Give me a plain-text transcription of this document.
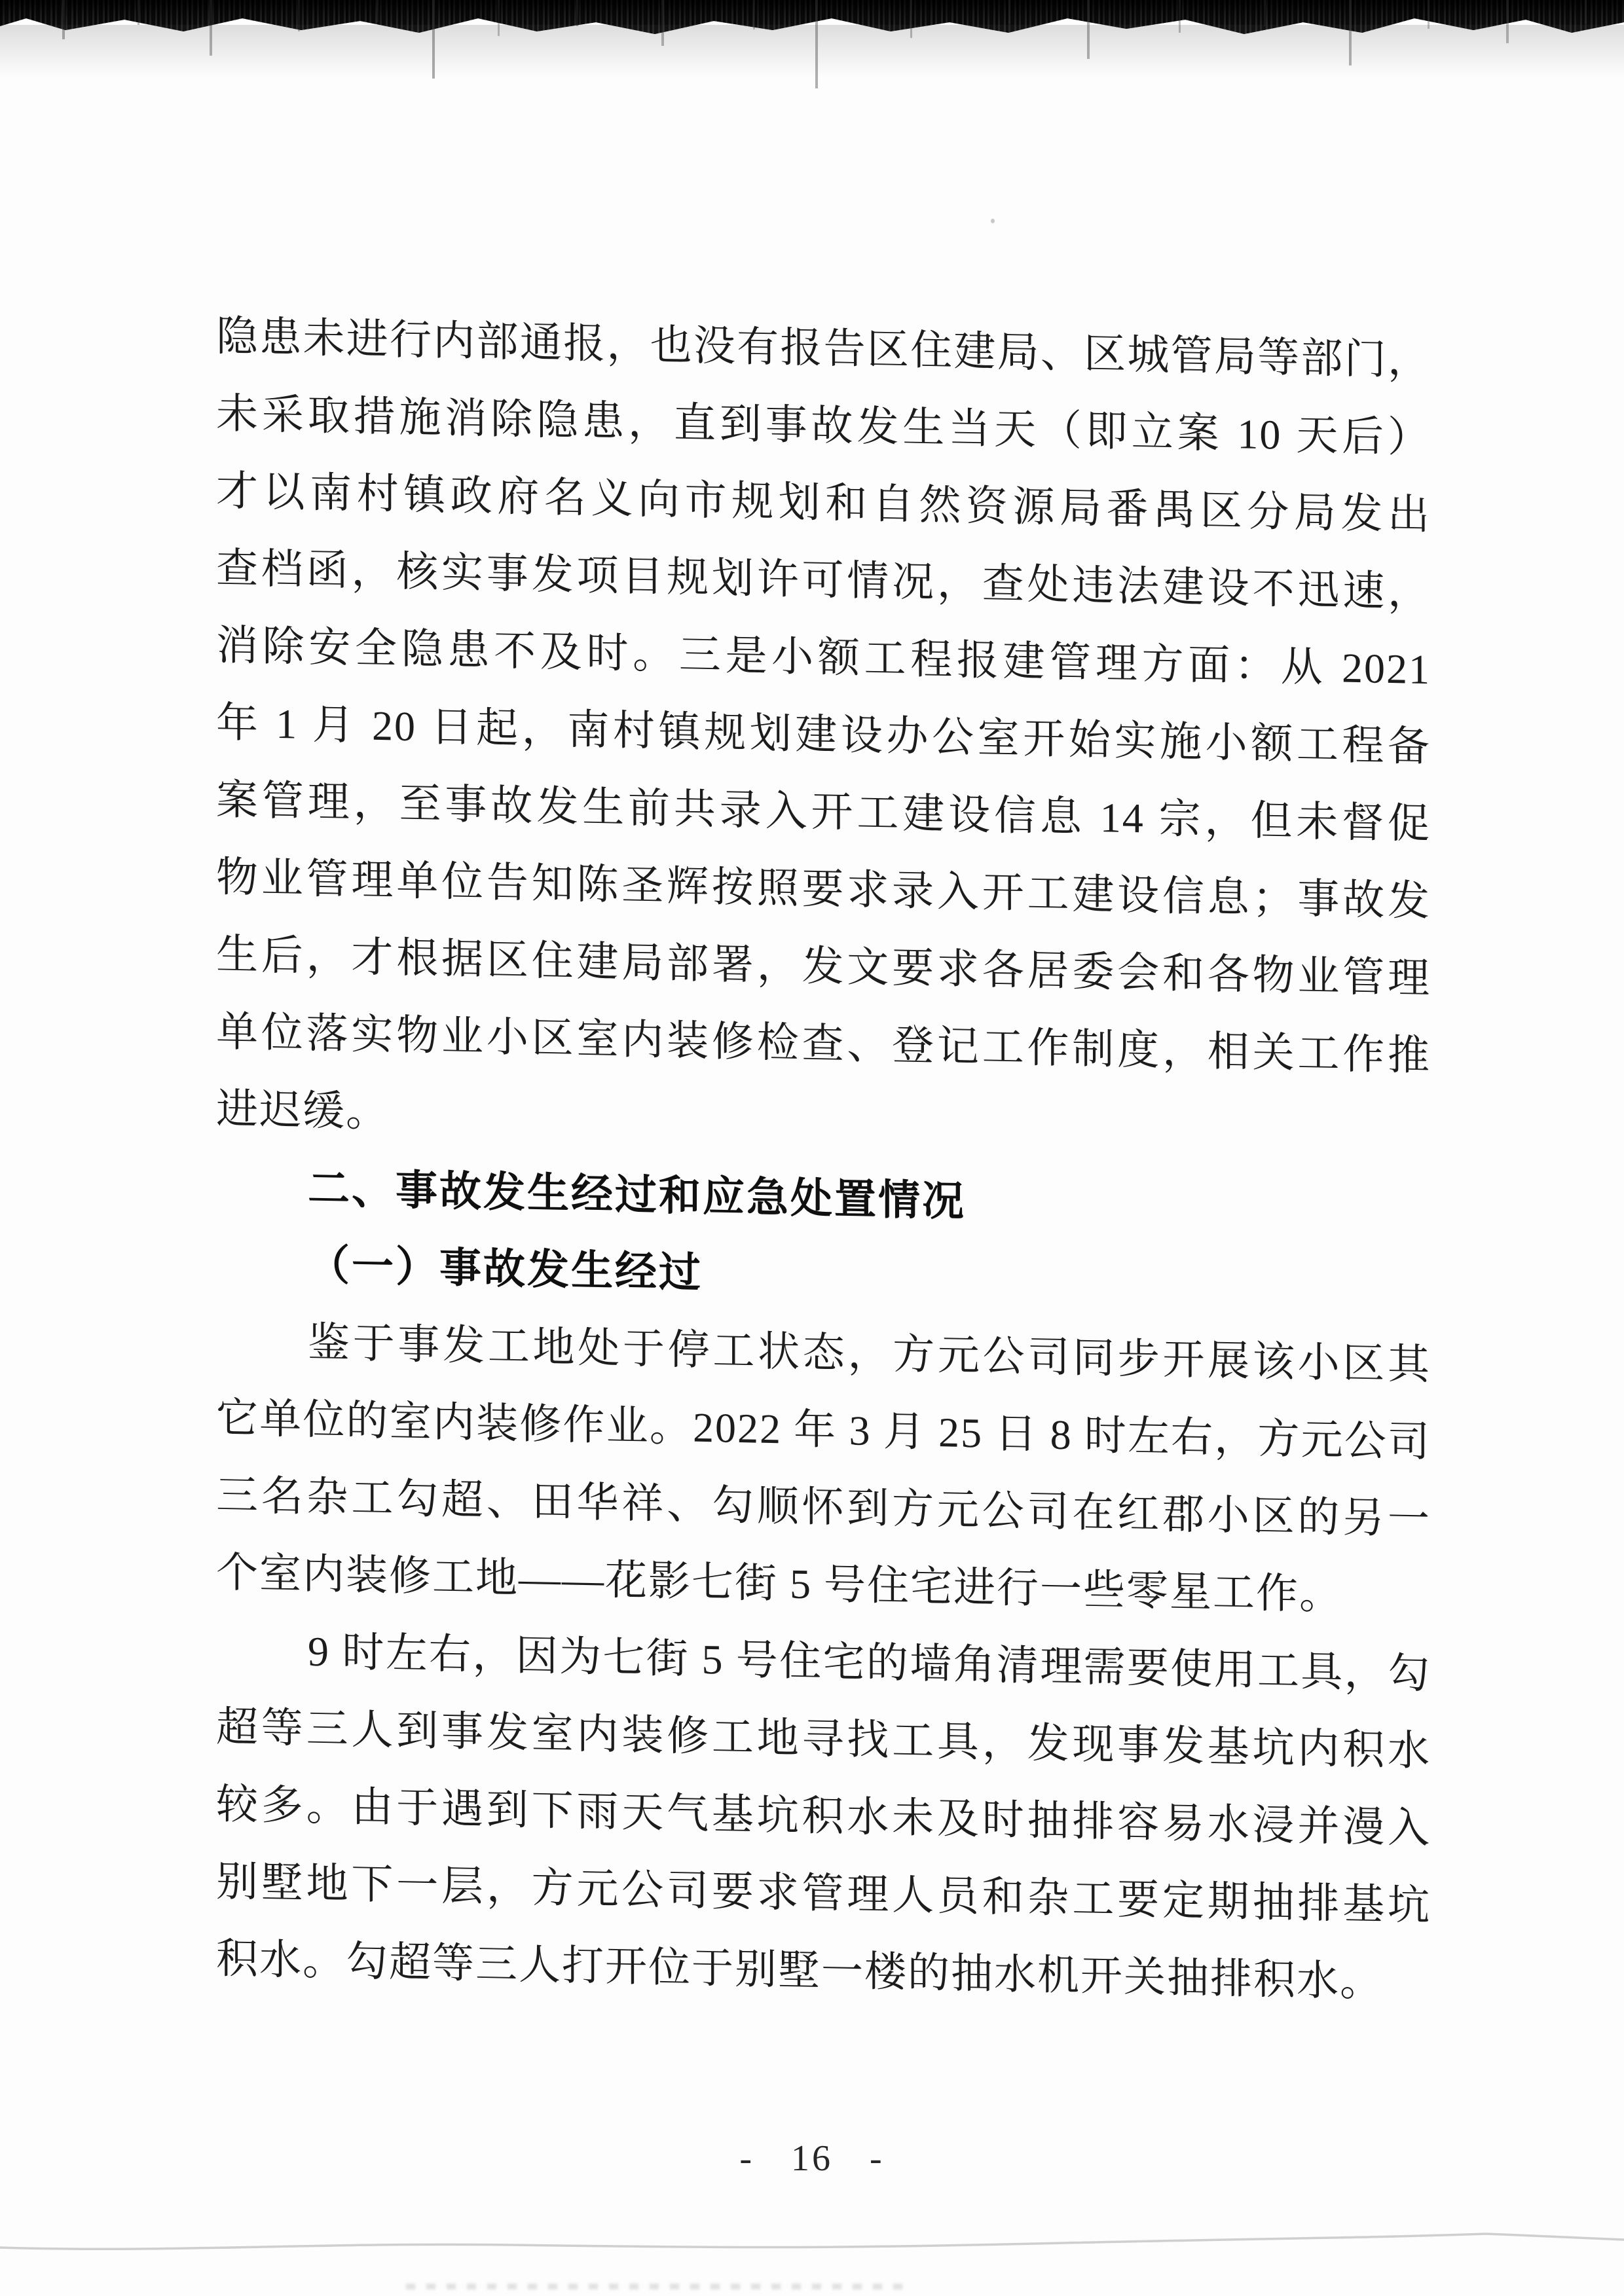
隐患未进行内部通报，也没有报告区住建局、区城管局等部门，
未采取措施消除隐患，直到事故发生当天（即立案 10 天后）
才以南村镇政府名义向市规划和自然资源局番禺区分局发出
查档函，核实事发项目规划许可情况，查处违法建设不迅速，
消除安全隐患不及时。三是小额工程报建管理方面：从 2021
年 1 月 20 日起，南村镇规划建设办公室开始实施小额工程备
案管理，至事故发生前共录入开工建设信息 14 宗，但未督促
物业管理单位告知陈圣辉按照要求录入开工建设信息；事故发
生后，才根据区住建局部署，发文要求各居委会和各物业管理
单位落实物业小区室内装修检查、登记工作制度，相关工作推
进迟缓。
二、事故发生经过和应急处置情况
（一）事故发生经过
鉴于事发工地处于停工状态，方元公司同步开展该小区其
它单位的室内装修作业。2022 年 3 月 25 日 8 时左右，方元公司
三名杂工勾超、田华祥、勾顺怀到方元公司在红郡小区的另一
个室内装修工地——花影七街 5 号住宅进行一些零星工作。
9 时左右，因为七街 5 号住宅的墙角清理需要使用工具，勾
超等三人到事发室内装修工地寻找工具，发现事发基坑内积水
较多。由于遇到下雨天气基坑积水未及时抽排容易水浸并漫入
别墅地下一层，方元公司要求管理人员和杂工要定期抽排基坑
积水。勾超等三人打开位于别墅一楼的抽水机开关抽排积水。
- 16 -
